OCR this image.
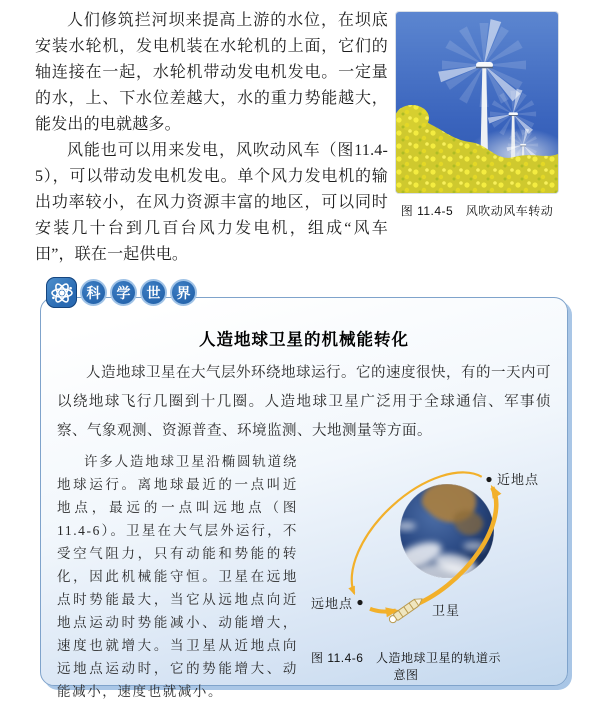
人们修筑拦河坝来提高上游的水位，在坝底安装水轮机，发电机装在水轮机的上面，它们的轴连接在一起，水轮机带动发电机发电。一定量的水，上、下水位差越大，水的重力势能越大，能发出的电就越多。

风能也可以用来发电，风吹动风车（图11.4-5），可以带动发电机发电。单个风力发电机的输出功率较小，在风力资源丰富的地区，可以同时安装几十台到几百台风力发电机，组成“风车田”，联在一起供电。

图 11.4-5　风吹动风车转动
科	学	世	界
人造地球卫星的机械能转化

人造地球卫星在大气层外环绕地球运行。它的速度很快，有的一天内可以绕地球飞行几圈到十几圈。人造地球卫星广泛用于全球通信、军事侦察、气象观测、资源普查、环境监测、大地测量等方面。

近地点
远地点	卫星
图 11.4-6　人造地球卫星的轨道示意图

许多人造地球卫星沿椭圆轨道绕地球运行。离地球最近的一点叫近地点，最远的一点叫远地点（图11.4-6）。卫星在大气层外运行，不受空气阻力，只有动能和势能的转化，因此机械能守恒。卫星在远地点时势能最大，当它从远地点向近地点运动时势能减小、动能增大，速度也就增大。当卫星从近地点向远地点运动时，它的势能增大、动能减小，速度也就减小。
